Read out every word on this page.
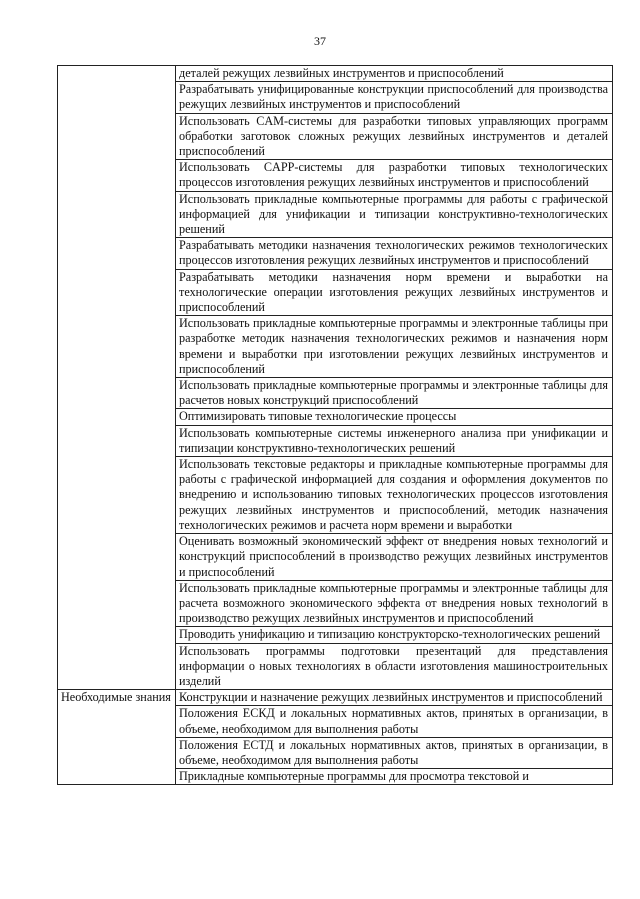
37
	деталей режущих лезвийных инструментов и приспособлений
	Разрабатывать унифицированные конструкции приспособлений для производства режущих лезвийных инструментов и приспособлений
	Использовать CAM-системы для разработки типовых управляющих программ обработки заготовок сложных режущих лезвийных инструментов и деталей приспособлений
	Использовать CAPP-системы для разработки типовых технологических процессов изготовления режущих лезвийных инструментов и приспособлений
	Использовать прикладные компьютерные программы для работы с графической информацией для унификации и типизации конструктивно-технологических решений
	Разрабатывать методики назначения технологических режимов технологических процессов изготовления режущих лезвийных инструментов и приспособлений
	Разрабатывать методики назначения норм времени и выработки на технологические операции изготовления режущих лезвийных инструментов и приспособлений
	Использовать прикладные компьютерные программы и электронные таблицы при разработке методик назначения технологических режимов и назначения норм времени и выработки при изготовлении режущих лезвийных инструментов и приспособлений
	Использовать прикладные компьютерные программы и электронные таблицы для расчетов новых конструкций приспособлений
	Оптимизировать типовые технологические процессы
	Использовать компьютерные системы инженерного анализа при унификации и типизации конструктивно-технологических решений
	Использовать текстовые редакторы и прикладные компьютерные программы для работы с графической информацией для создания и оформления документов по внедрению и использованию типовых технологических процессов изготовления режущих лезвийных инструментов и приспособлений, методик назначения технологических режимов и расчета норм времени и выработки
	Оценивать возможный экономический эффект от внедрения новых технологий и конструкций приспособлений в производство режущих лезвийных инструментов и приспособлений
	Использовать прикладные компьютерные программы и электронные таблицы для расчета возможного экономического эффекта от внедрения новых технологий в производство режущих лезвийных инструментов и приспособлений
	Проводить унификацию и типизацию конструкторско-технологических решений
	Использовать программы подготовки презентаций для представления информации о новых технологиях в области изготовления машиностроительных изделий

Необходимые знания	Конструкции и назначение режущих лезвийных инструментов и приспособлений
	Положения ЕСКД и локальных нормативных актов, принятых в организации, в объеме, необходимом для выполнения работы
	Положения ЕСТД и локальных нормативных актов, принятых в организации, в объеме, необходимом для выполнения работы
	Прикладные компьютерные программы для просмотра текстовой и
